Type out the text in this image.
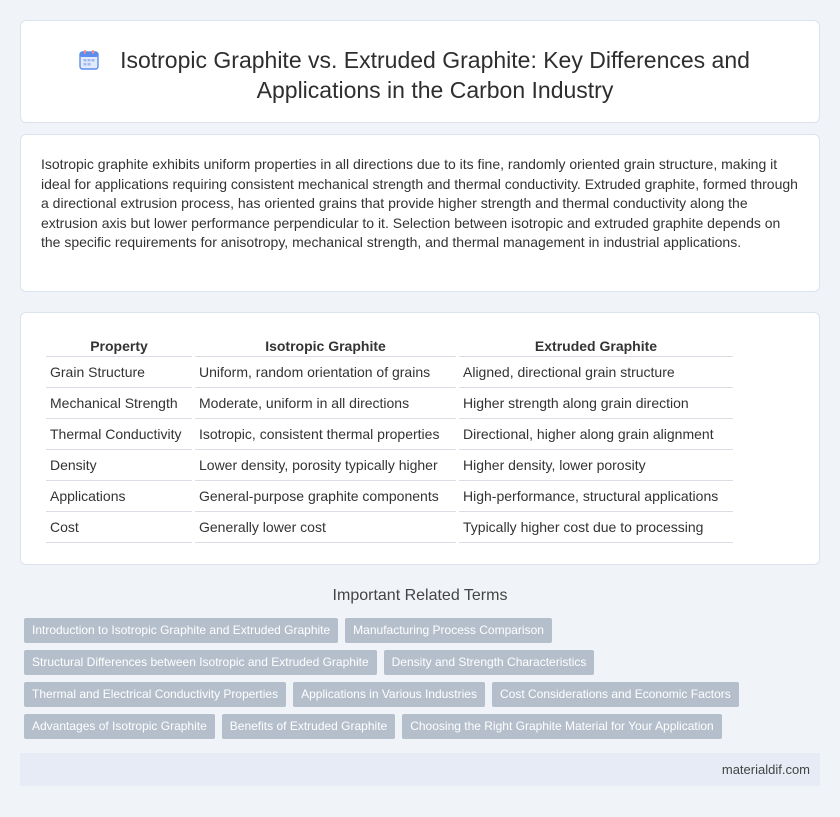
Isotropic Graphite vs. Extruded Graphite: Key Differences and Applications in the Carbon Industry

Isotropic graphite exhibits uniform properties in all directions due to its fine, randomly oriented grain structure, making it ideal for applications requiring consistent mechanical strength and thermal conductivity. Extruded graphite, formed through a directional extrusion process, has oriented grains that provide higher strength and thermal conductivity along the extrusion axis but lower performance perpendicular to it. Selection between isotropic and extruded graphite depends on the specific requirements for anisotropy, mechanical strength, and thermal management in industrial applications.

Property	Isotropic Graphite	Extruded Graphite
Grain Structure	Uniform, random orientation of grains	Aligned, directional grain structure
Mechanical Strength	Moderate, uniform in all directions	Higher strength along grain direction
Thermal Conductivity	Isotropic, consistent thermal properties	Directional, higher along grain alignment
Density	Lower density, porosity typically higher	Higher density, lower porosity
Applications	General-purpose graphite components	High-performance, structural applications
Cost	Generally lower cost	Typically higher cost due to processing
Important Related Terms
Introduction to Isotropic Graphite and Extruded Graphite	Manufacturing Process Comparison
Structural Differences between Isotropic and Extruded Graphite	Density and Strength Characteristics
Thermal and Electrical Conductivity Properties	Applications in Various Industries	Cost Considerations and Economic Factors
Advantages of Isotropic Graphite	Benefits of Extruded Graphite	Choosing the Right Graphite Material for Your Application
materialdif.com
